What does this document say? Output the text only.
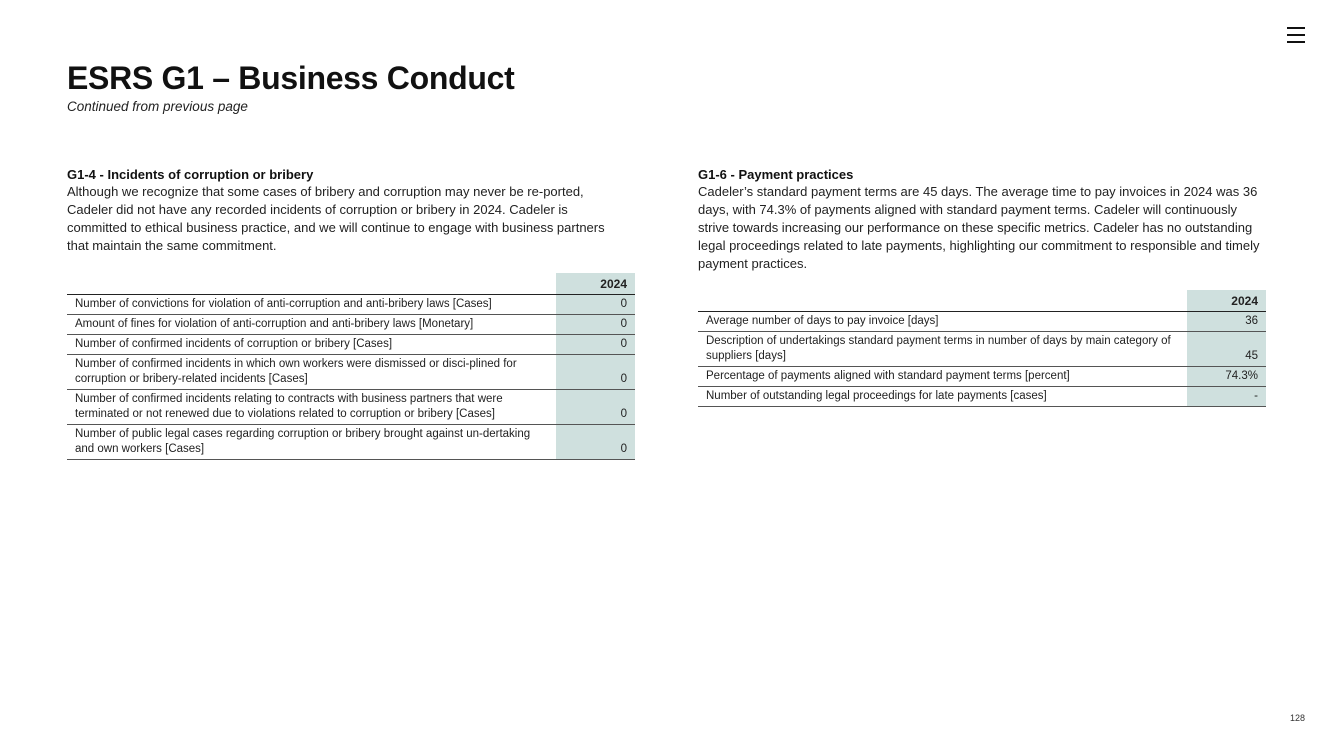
ESRS G1 – Business Conduct
Continued from previous page
G1-4 - Incidents of corruption or bribery

Although we recognize that some cases of bribery and corruption may never be re-ported, Cadeler did not have any recorded incidents of corruption or bribery in 2024. Cadeler is committed to ethical business practice, and we will continue to engage with business partners that maintain the same commitment.

	2024
Number of convictions for violation of anti-corruption and anti-bribery laws [Cases]	0
Amount of fines for violation of anti-corruption and anti-bribery laws [Monetary]	0
Number of confirmed incidents of corruption or bribery [Cases]	0
Number of confirmed incidents in which own workers were dismissed or disci-plined for corruption or bribery-related incidents [Cases]	0
Number of confirmed incidents relating to contracts with business partners that were terminated or not renewed due to violations related to corruption or bribery [Cases]	0
Number of public legal cases regarding corruption or bribery brought against un-dertaking and own workers [Cases]	0
G1-6 - Payment practices

Cadeler’s standard payment terms are 45 days. The average time to pay invoices in 2024 was 36 days, with 74.3% of payments aligned with standard payment terms. Cadeler will continuously strive towards increasing our performance on these specific metrics. Cadeler has no outstanding legal proceedings related to late payments, highlighting our commitment to responsible and timely payment practices.

	2024
Average number of days to pay invoice [days]	36
Description of undertakings standard payment terms in number of days by main category of suppliers [days]	45
Percentage of payments aligned with standard payment terms [percent]	74.3%
Number of outstanding legal proceedings for late payments [cases]	-
128
